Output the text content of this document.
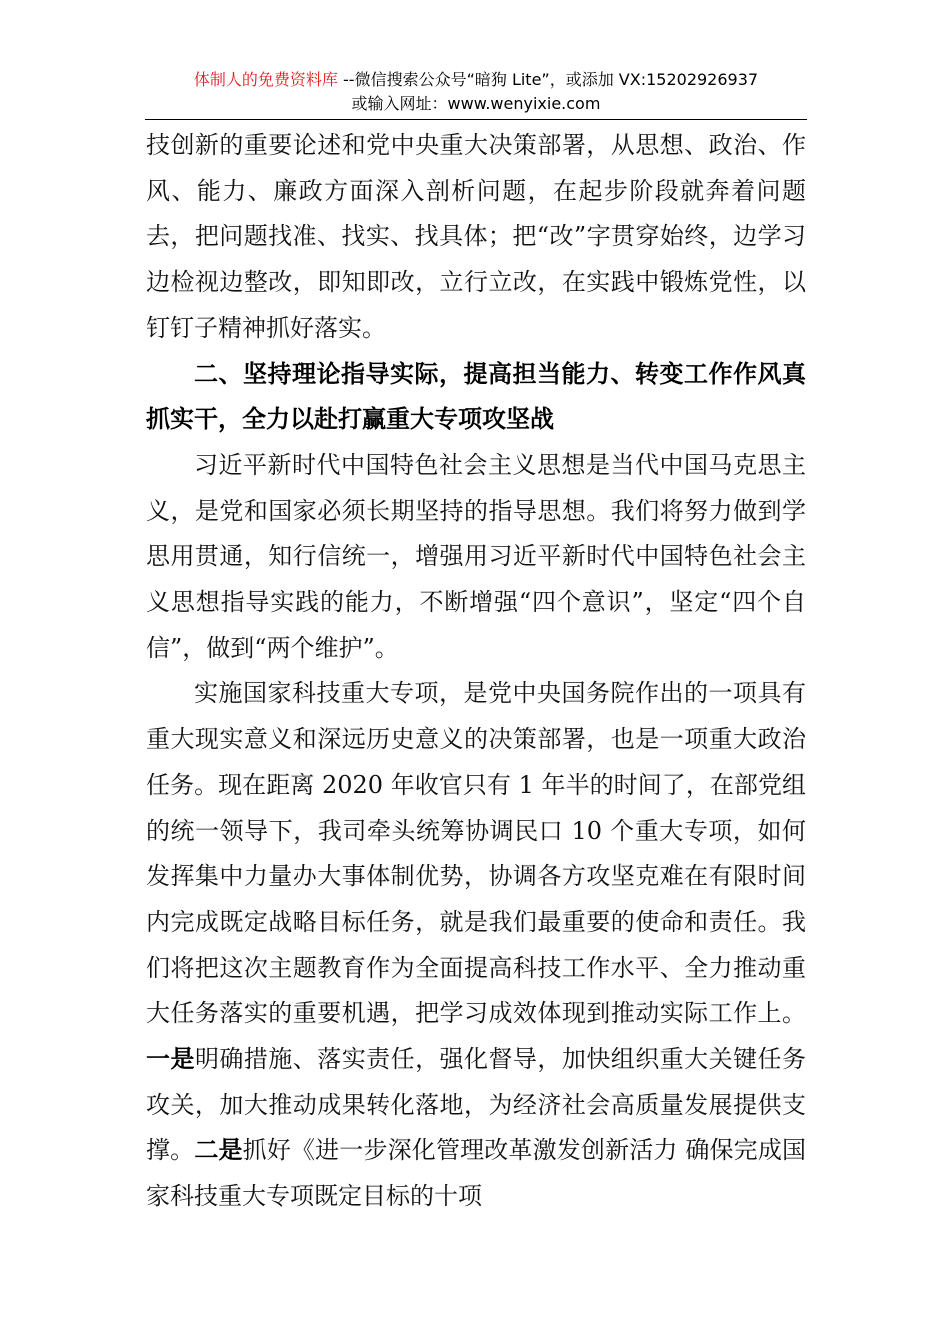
体制人的免费资料库 --微信搜索公众号“暗狗 Lite”，或添加 VX:15202926937
或输入网址：www.wenyixie.com

技创新的重要论述和党中央重大决策部署，从思想、政治、作风、能力、廉政方面深入剖析问题，在起步阶段就奔着问题去，把问题找准、找实、找具体；把“改”字贯穿始终，边学习边检视边整改，即知即改，立行立改，在实践中锻炼党性，以钉钉子精神抓好落实。

二、坚持理论指导实际，提高担当能力、转变工作作风真抓实干，全力以赴打赢重大专项攻坚战

习近平新时代中国特色社会主义思想是当代中国马克思主义，是党和国家必须长期坚持的指导思想。我们将努力做到学思用贯通，知行信统一，增强用习近平新时代中国特色社会主义思想指导实践的能力，不断增强“四个意识”，坚定“四个自信”，做到“两个维护”。

实施国家科技重大专项，是党中央国务院作出的一项具有重大现实意义和深远历史意义的决策部署，也是一项重大政治任务。现在距离 2020 年收官只有 1 年半的时间了，在部党组的统一领导下，我司牵头统筹协调民口 10 个重大专项，如何发挥集中力量办大事体制优势，协调各方攻坚克难在有限时间内完成既定战略目标任务，就是我们最重要的使命和责任。我们将把这次主题教育作为全面提高科技工作水平、全力推动重大任务落实的重要机遇，把学习成效体现到推动实际工作上。一是明确措施、落实责任，强化督导，加快组织重大关键任务攻关，加大推动成果转化落地，为经济社会高质量发展提供支撑。二是抓好《进一步深化管理改革激发创新活力 确保完成国家科技重大专项既定目标的十项
